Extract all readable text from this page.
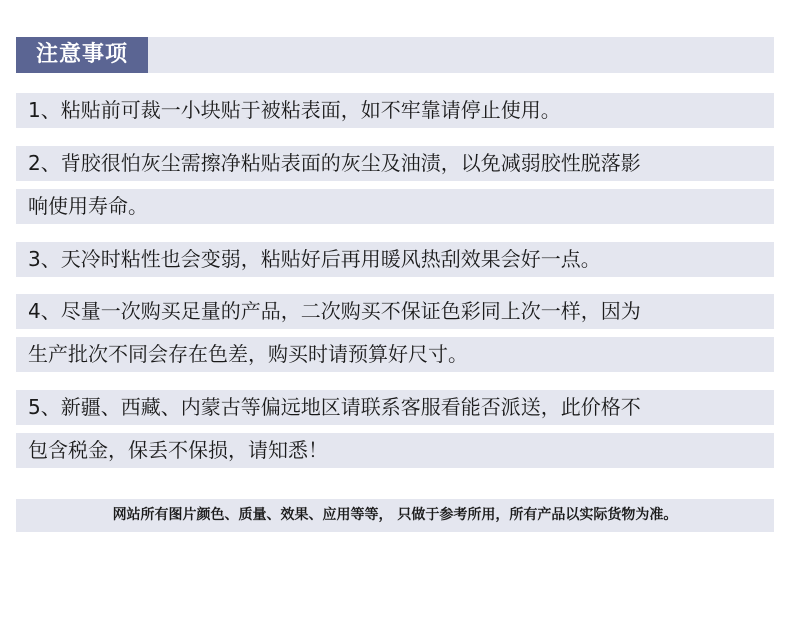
注意事项
1、粘贴前可裁一小块贴于被粘表面，如不牢靠请停止使用。
2、背胶很怕灰尘需擦净粘贴表面的灰尘及油渍，以免减弱胶性脱落影
响使用寿命。
3、天冷时粘性也会变弱，粘贴好后再用暖风热刮效果会好一点。
4、尽量一次购买足量的产品，二次购买不保证色彩同上次一样，因为
生产批次不同会存在色差，购买时请预算好尺寸。
5、新疆、西藏、内蒙古等偏远地区请联系客服看能否派送，此价格不
包含税金，保丢不保损，请知悉！
网站所有图片颜色、质量、效果、应用等等， 只做于参考所用，所有产品以实际货物为准。
